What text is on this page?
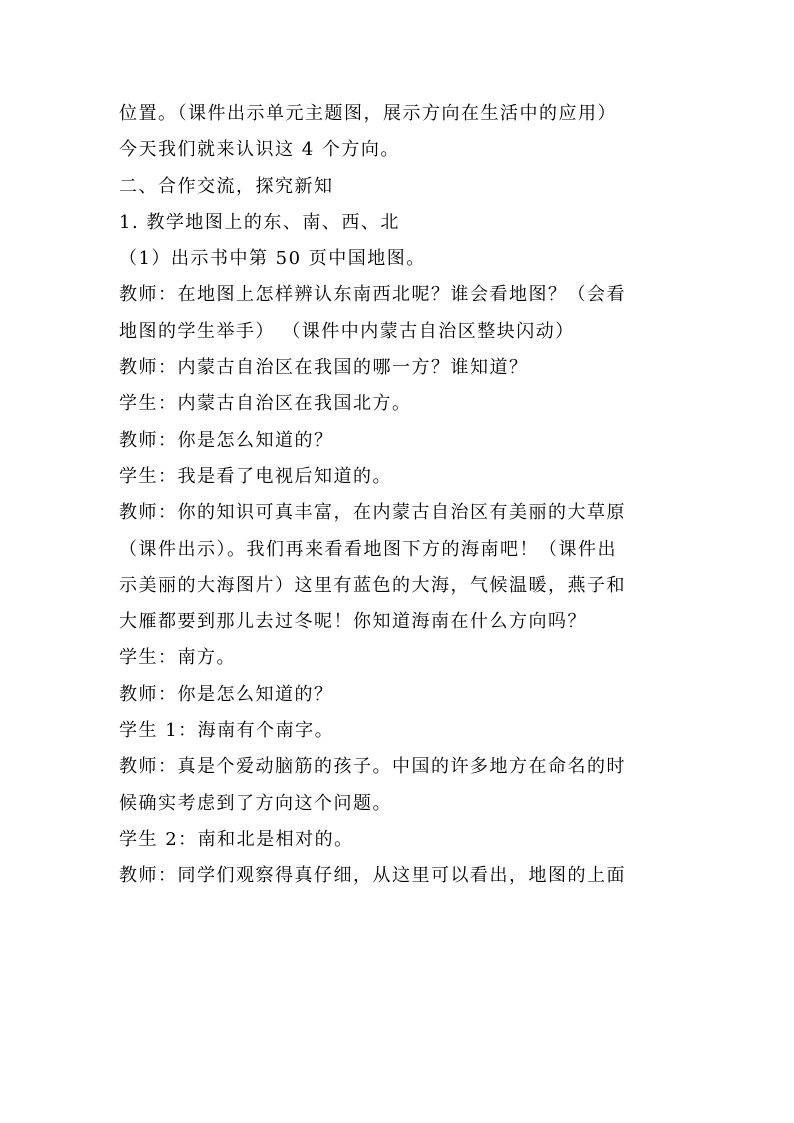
位置。（课件出示单元主题图，展示方向在生活中的应用）
今天我们就来认识这 4 个方向。
二、合作交流，探究新知
1. 教学地图上的东、南、西、北
（1）出示书中第 50 页中国地图。
教师：在地图上怎样辨认东南西北呢？谁会看地图？（会看
地图的学生举手） （课件中内蒙古自治区整块闪动）
教师：内蒙古自治区在我国的哪一方？谁知道？
学生：内蒙古自治区在我国北方。
教师：你是怎么知道的？
学生：我是看了电视后知道的。
教师：你的知识可真丰富，在内蒙古自治区有美丽的大草原
（课件出示）。我们再来看看地图下方的海南吧！（课件出
示美丽的大海图片）这里有蓝色的大海，气候温暖，燕子和
大雁都要到那儿去过冬呢！你知道海南在什么方向吗？
学生：南方。
教师：你是怎么知道的？
学生 1：海南有个南字。
教师：真是个爱动脑筋的孩子。中国的许多地方在命名的时
候确实考虑到了方向这个问题。
学生 2：南和北是相对的。
教师：同学们观察得真仔细，从这里可以看出，地图的上面
